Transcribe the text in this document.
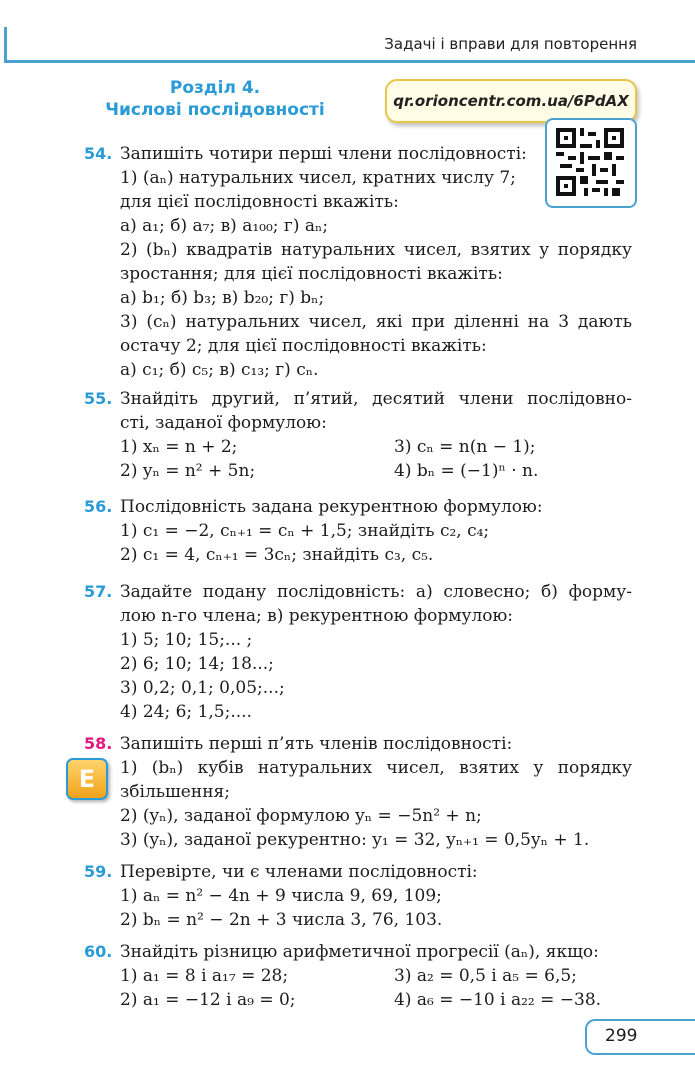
Задачі і вправи для повторення
Розділ 4.
Числові послідовності	qr.orioncentr.com.ua/6PdAX
54. Запишіть чотири перші члени послідовності:
1) (aₙ) натуральних чисел, кратних числу 7;
для цієї послідовності вкажіть:
а) a₁; б) a₇; в) a₁₀₀; г) aₙ;
2) (bₙ) квадратів натуральних чисел, взятих у порядку
зростання; для цієї послідовності вкажіть:
а) b₁; б) b₃; в) b₂₀; г) bₙ;
3) (cₙ) натуральних чисел, які при діленні на 3 дають
остачу 2; для цієї послідовності вкажіть:
а) c₁; б) c₅; в) c₁₃; г) cₙ.
55. Знайдіть другий, п’ятий, десятий члени послідовно-
сті, заданої формулою:
1) xₙ = n + 2;	3) cₙ = n(n − 1);
2) yₙ = n² + 5n;	4) bₙ = (−1)ⁿ · n.
56. Послідовність задана рекурентною формулою:
1) c₁ = −2, cₙ₊₁ = cₙ + 1,5; знайдіть c₂, c₄;
2) c₁ = 4, cₙ₊₁ = 3cₙ; знайдіть c₃, c₅.
57. Задайте подану послідовність: а) словесно; б) форму-
лою n-го члена; в) рекурентною формулою:
1) 5; 10; 15;... ;
2) 6; 10; 14; 18...;
3) 0,2; 0,1; 0,05;...;
4) 24; 6; 1,5;....
58. Запишіть перші п’ять членів послідовності:
1) (bₙ) кубів натуральних чисел, взятих у порядку
збільшення;
2) (yₙ), заданої формулою yₙ = −5n² + n;
3) (yₙ), заданої рекурентно: y₁ = 32, yₙ₊₁ = 0,5yₙ + 1.
E
59. Перевірте, чи є членами послідовності:
1) aₙ = n² − 4n + 9 числа 9, 69, 109;
2) bₙ = n² − 2n + 3 числа 3, 76, 103.
60. Знайдіть різницю арифметичної прогресії (aₙ), якщо:
1) a₁ = 8 і a₁₇ = 28;	3) a₂ = 0,5 і a₅ = 6,5;
2) a₁ = −12 і a₉ = 0;	4) a₆ = −10 і a₂₂ = −38.
299
